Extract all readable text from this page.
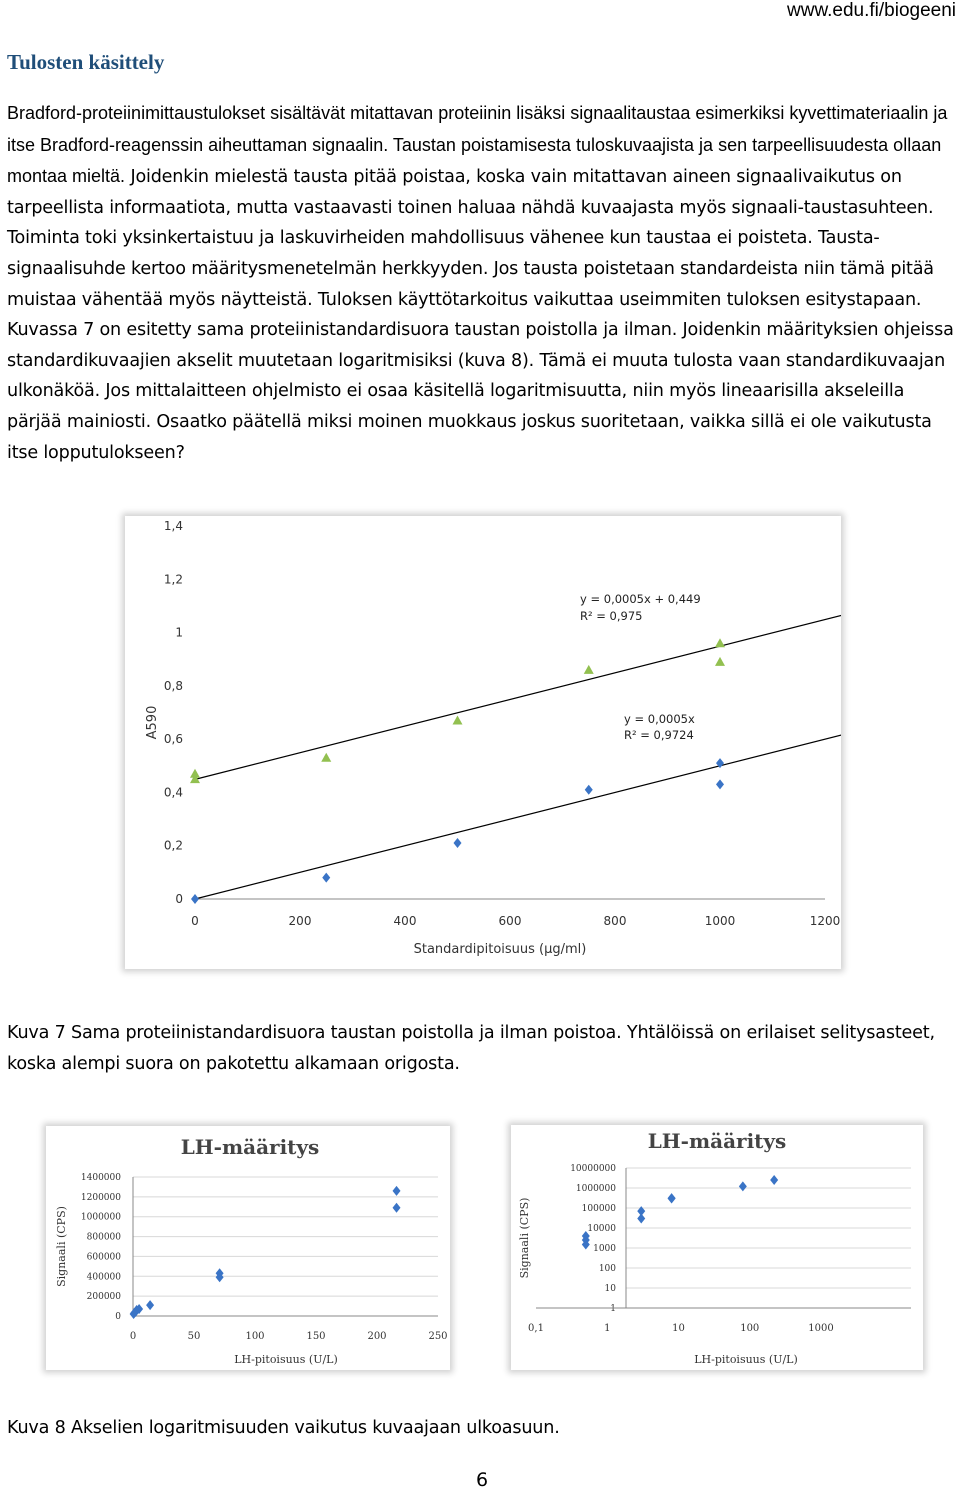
www.edu.fi/biogeeni
Tulosten käsittely
Bradford-proteiinimittaustulokset sisältävät mitattavan proteiinin lisäksi signaalitaustaa esimerkiksi kyvettimateriaalin ja itse Bradford-reagenssin aiheuttaman signaalin. Taustan poistamisesta tuloskuvaajista ja sen tarpeellisuudesta ollaan montaa mieltä. Joidenkin mielestä tausta pitää poistaa, koska vain mitattavan aineen signaalivaikutus on tarpeellista informaatiota, mutta vastaavasti toinen haluaa nähdä kuvaajasta myös signaali-taustasuhteen. Toiminta toki yksinkertaistuu ja laskuvirheiden mahdollisuus vähenee kun taustaa ei poisteta. Tausta-signaalisuhde kertoo määritysmenetelmän herkkyyden. Jos tausta poistetaan standardeista niin tämä pitää muistaa vähentää myös näytteistä. Tuloksen käyttötarkoitus vaikuttaa useimmiten tuloksen esitystapaan. Kuvassa 7 on esitetty sama proteiinistandardisuora taustan poistolla ja ilman. Joidenkin määrityksien ohjeissa standardikuvaajien akselit muutetaan logaritmisiksi (kuva 8). Tämä ei muuta tulosta vaan standardikuvaajan ulkonäköä. Jos mittalaitteen ohjelmisto ei osaa käsitellä logaritmisuutta, niin myös lineaarisilla akseleilla pärjää mainiosti. Osaatko päätellä miksi moinen muokkaus joskus suoritetaan, vaikka sillä ei ole vaikutusta itse lopputulokseen?
0	200	400	600	800	1000	1200
0
0,2
0,4
0,6
0,8
1
1,2
1,4
Standardipitoisuus (µg/ml)
A590
y = 0,0005x + 0,449
R² = 0,975
y = 0,0005x
R² = 0,9724
Kuva 7 Sama proteiinistandardisuora taustan poistolla ja ilman poistoa. Yhtälöissä on erilaiset selitysasteet, koska alempi suora on pakotettu alkamaan origosta.
LH-määritys
0
200000
400000
600000
800000
1000000
1200000
1400000
0	50	100	150	200	250
LH-pitoisuus (U/L)
Signaali (CPS)
LH-määritys
1
10
100
1000
10000
100000
1000000
10000000
0,1	1	10	100	1000
LH-pitoisuus (U/L)
Signaali (CPS)
Kuva 8 Akselien logaritmisuuden vaikutus kuvaajaan ulkoasuun.
6
